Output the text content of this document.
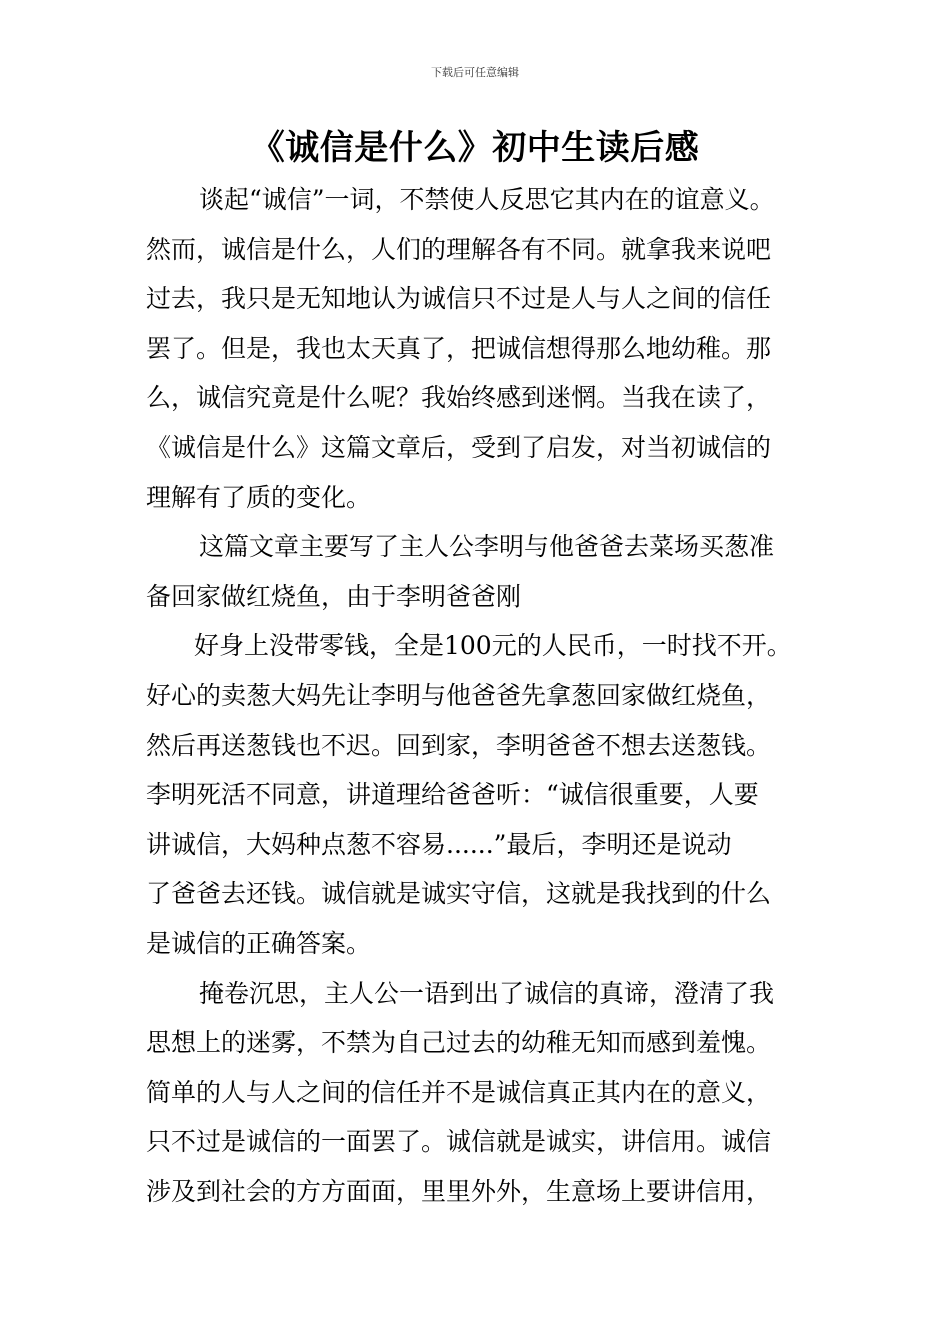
下载后可任意编辑
《诚信是什么》初中生读后感
谈起“诚信”一词，不禁使人反思它其内在的谊意义。
然而，诚信是什么，人们的理解各有不同。就拿我来说吧
过去，我只是无知地认为诚信只不过是人与人之间的信任
罢了。但是，我也太天真了，把诚信想得那么地幼稚。那
么，诚信究竟是什么呢？我始终感到迷惘。当我在读了，
《诚信是什么》这篇文章后，受到了启发，对当初诚信的
理解有了质的变化。
这篇文章主要写了主人公李明与他爸爸去菜场买葱准
备回家做红烧鱼，由于李明爸爸刚
好身上没带零钱，全是100元的人民币，一时找不开。
好心的卖葱大妈先让李明与他爸爸先拿葱回家做红烧鱼，
然后再送葱钱也不迟。回到家，李明爸爸不想去送葱钱。
李明死活不同意，讲道理给爸爸听：“诚信很重要，人要
讲诚信，大妈种点葱不容易......”最后，李明还是说动
了爸爸去还钱。诚信就是诚实守信，这就是我找到的什么
是诚信的正确答案。
掩卷沉思，主人公一语到出了诚信的真谛，澄清了我
思想上的迷雾，不禁为自己过去的幼稚无知而感到羞愧。
简单的人与人之间的信任并不是诚信真正其内在的意义，
只不过是诚信的一面罢了。诚信就是诚实，讲信用。诚信
涉及到社会的方方面面，里里外外，生意场上要讲信用，
